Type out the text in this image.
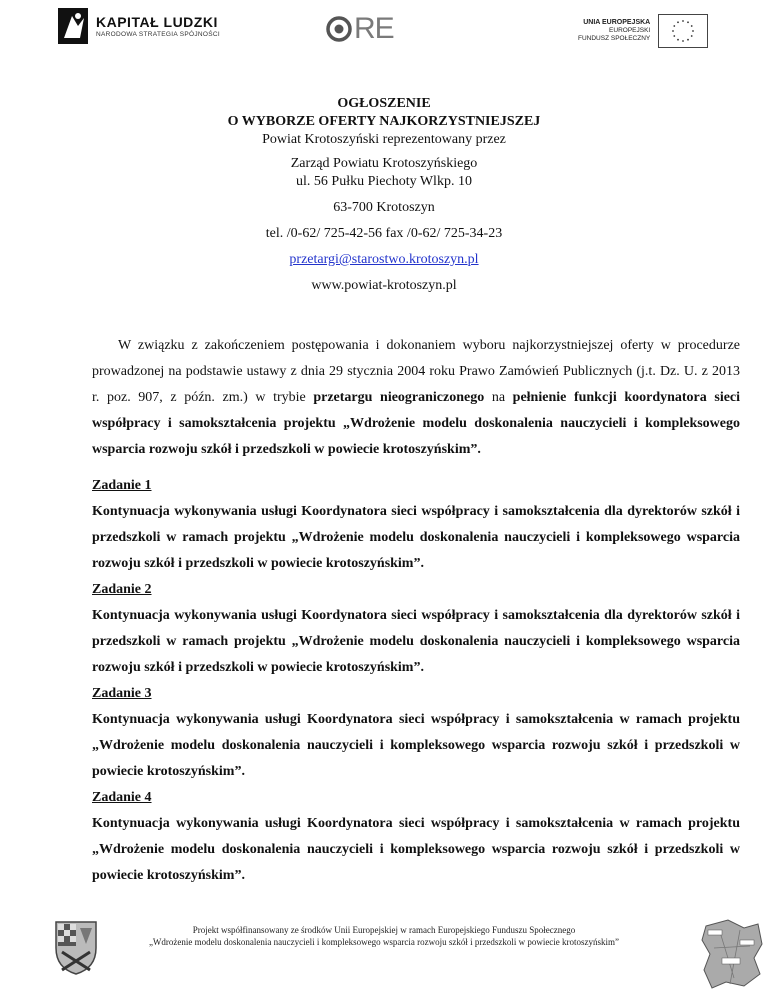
KAPITAŁ LUDZKI
NARODOWA STRATEGIA SPÓJNOŚCI	RE	UNIA EUROPEJSKA
EUROPEJSKI
FUNDUSZ SPOŁECZNY
OGŁOSZENIE
O WYBORZE OFERTY NAJKORZYSTNIEJSZEJ
Powiat Krotoszyński reprezentowany przez
Zarząd Powiatu Krotoszyńskiego
ul. 56 Pułku Piechoty Wlkp. 10
63-700 Krotoszyn
tel. /0-62/ 725-42-56 fax /0-62/ 725-34-23
przetargi@starostwo.krotoszyn.pl
www.powiat-krotoszyn.pl

W związku z zakończeniem postępowania i dokonaniem wyboru najkorzystniejszej oferty w procedurze prowadzonej na podstawie ustawy z dnia 29 stycznia 2004 roku Prawo Zamówień Publicznych (j.t. Dz. U. z 2013 r. poz. 907, z późn. zm.) w trybie przetargu nieograniczonego na pełnienie funkcji koordynatora sieci współpracy i samokształcenia projektu „Wdrożenie modelu doskonalenia nauczycieli i kompleksowego wsparcia rozwoju szkół i przedszkoli w powiecie krotoszyńskim”.

Zadanie 1
Kontynuacja wykonywania usługi Koordynatora sieci współpracy i samokształcenia dla dyrektorów szkół i przedszkoli w ramach projektu „Wdrożenie modelu doskonalenia nauczycieli i kompleksowego wsparcia rozwoju szkół i przedszkoli w powiecie krotoszyńskim”.
Zadanie 2
Kontynuacja wykonywania usługi Koordynatora sieci współpracy i samokształcenia dla dyrektorów szkół i przedszkoli w ramach projektu „Wdrożenie modelu doskonalenia nauczycieli i kompleksowego wsparcia rozwoju szkół i przedszkoli w powiecie krotoszyńskim”.
Zadanie 3
Kontynuacja wykonywania usługi Koordynatora sieci współpracy i samokształcenia w ramach projektu „Wdrożenie modelu doskonalenia nauczycieli i kompleksowego wsparcia rozwoju szkół i przedszkoli w powiecie krotoszyńskim”.
Zadanie 4
Kontynuacja wykonywania usługi Koordynatora sieci współpracy i samokształcenia w ramach projektu „Wdrożenie modelu doskonalenia nauczycieli i kompleksowego wsparcia rozwoju szkół i przedszkoli w powiecie krotoszyńskim”.
Projekt współfinansowany ze środków Unii Europejskiej w ramach Europejskiego Funduszu Społecznego
„Wdrożenie modelu doskonalenia nauczycieli i kompleksowego wsparcia rozwoju szkół i przedszkoli w powiecie krotoszyńskim”
